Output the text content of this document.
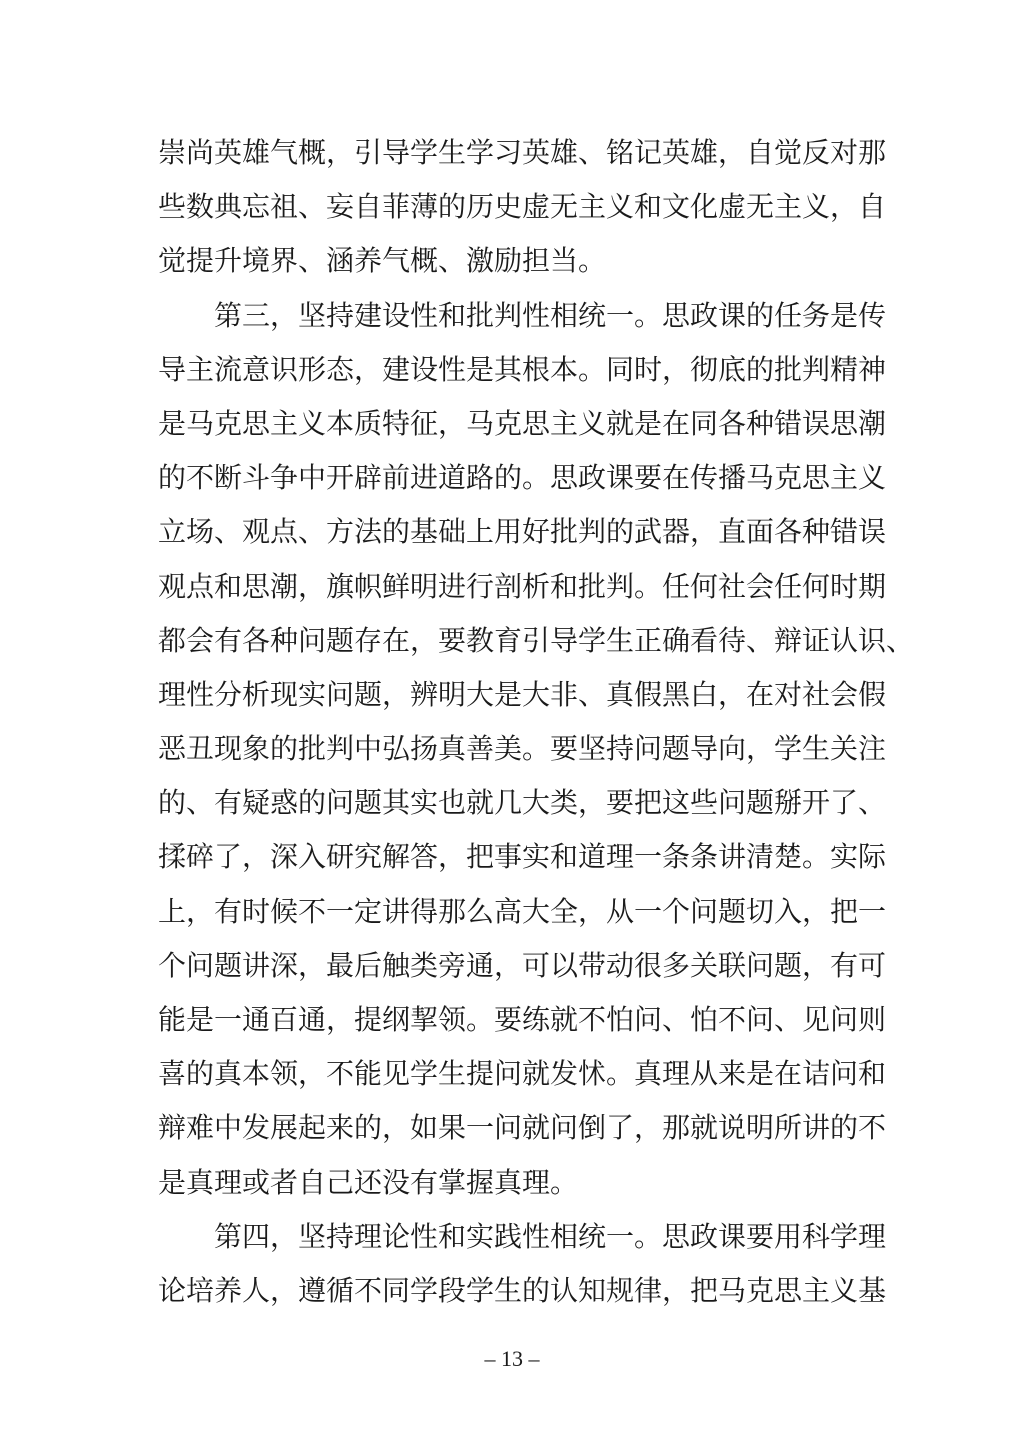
崇尚英雄气概，引导学生学习英雄、铭记英雄，自觉反对那
些数典忘祖、妄自菲薄的历史虚无主义和文化虚无主义，自
觉提升境界、涵养气概、激励担当。
　　第三，坚持建设性和批判性相统一。思政课的任务是传
导主流意识形态，建设性是其根本。同时，彻底的批判精神
是马克思主义本质特征，马克思主义就是在同各种错误思潮
的不断斗争中开辟前进道路的。思政课要在传播马克思主义
立场、观点、方法的基础上用好批判的武器，直面各种错误
观点和思潮，旗帜鲜明进行剖析和批判。任何社会任何时期
都会有各种问题存在，要教育引导学生正确看待、辩证认识、
理性分析现实问题，辨明大是大非、真假黑白，在对社会假
恶丑现象的批判中弘扬真善美。要坚持问题导向，学生关注
的、有疑惑的问题其实也就几大类，要把这些问题掰开了、
揉碎了，深入研究解答，把事实和道理一条条讲清楚。实际
上，有时候不一定讲得那么高大全，从一个问题切入，把一
个问题讲深，最后触类旁通，可以带动很多关联问题，有可
能是一通百通，提纲挈领。要练就不怕问、怕不问、见问则
喜的真本领，不能见学生提问就发怵。真理从来是在诘问和
辩难中发展起来的，如果一问就问倒了，那就说明所讲的不
是真理或者自己还没有掌握真理。
　　第四，坚持理论性和实践性相统一。思政课要用科学理
论培养人，遵循不同学段学生的认知规律，把马克思主义基
– 13 –
